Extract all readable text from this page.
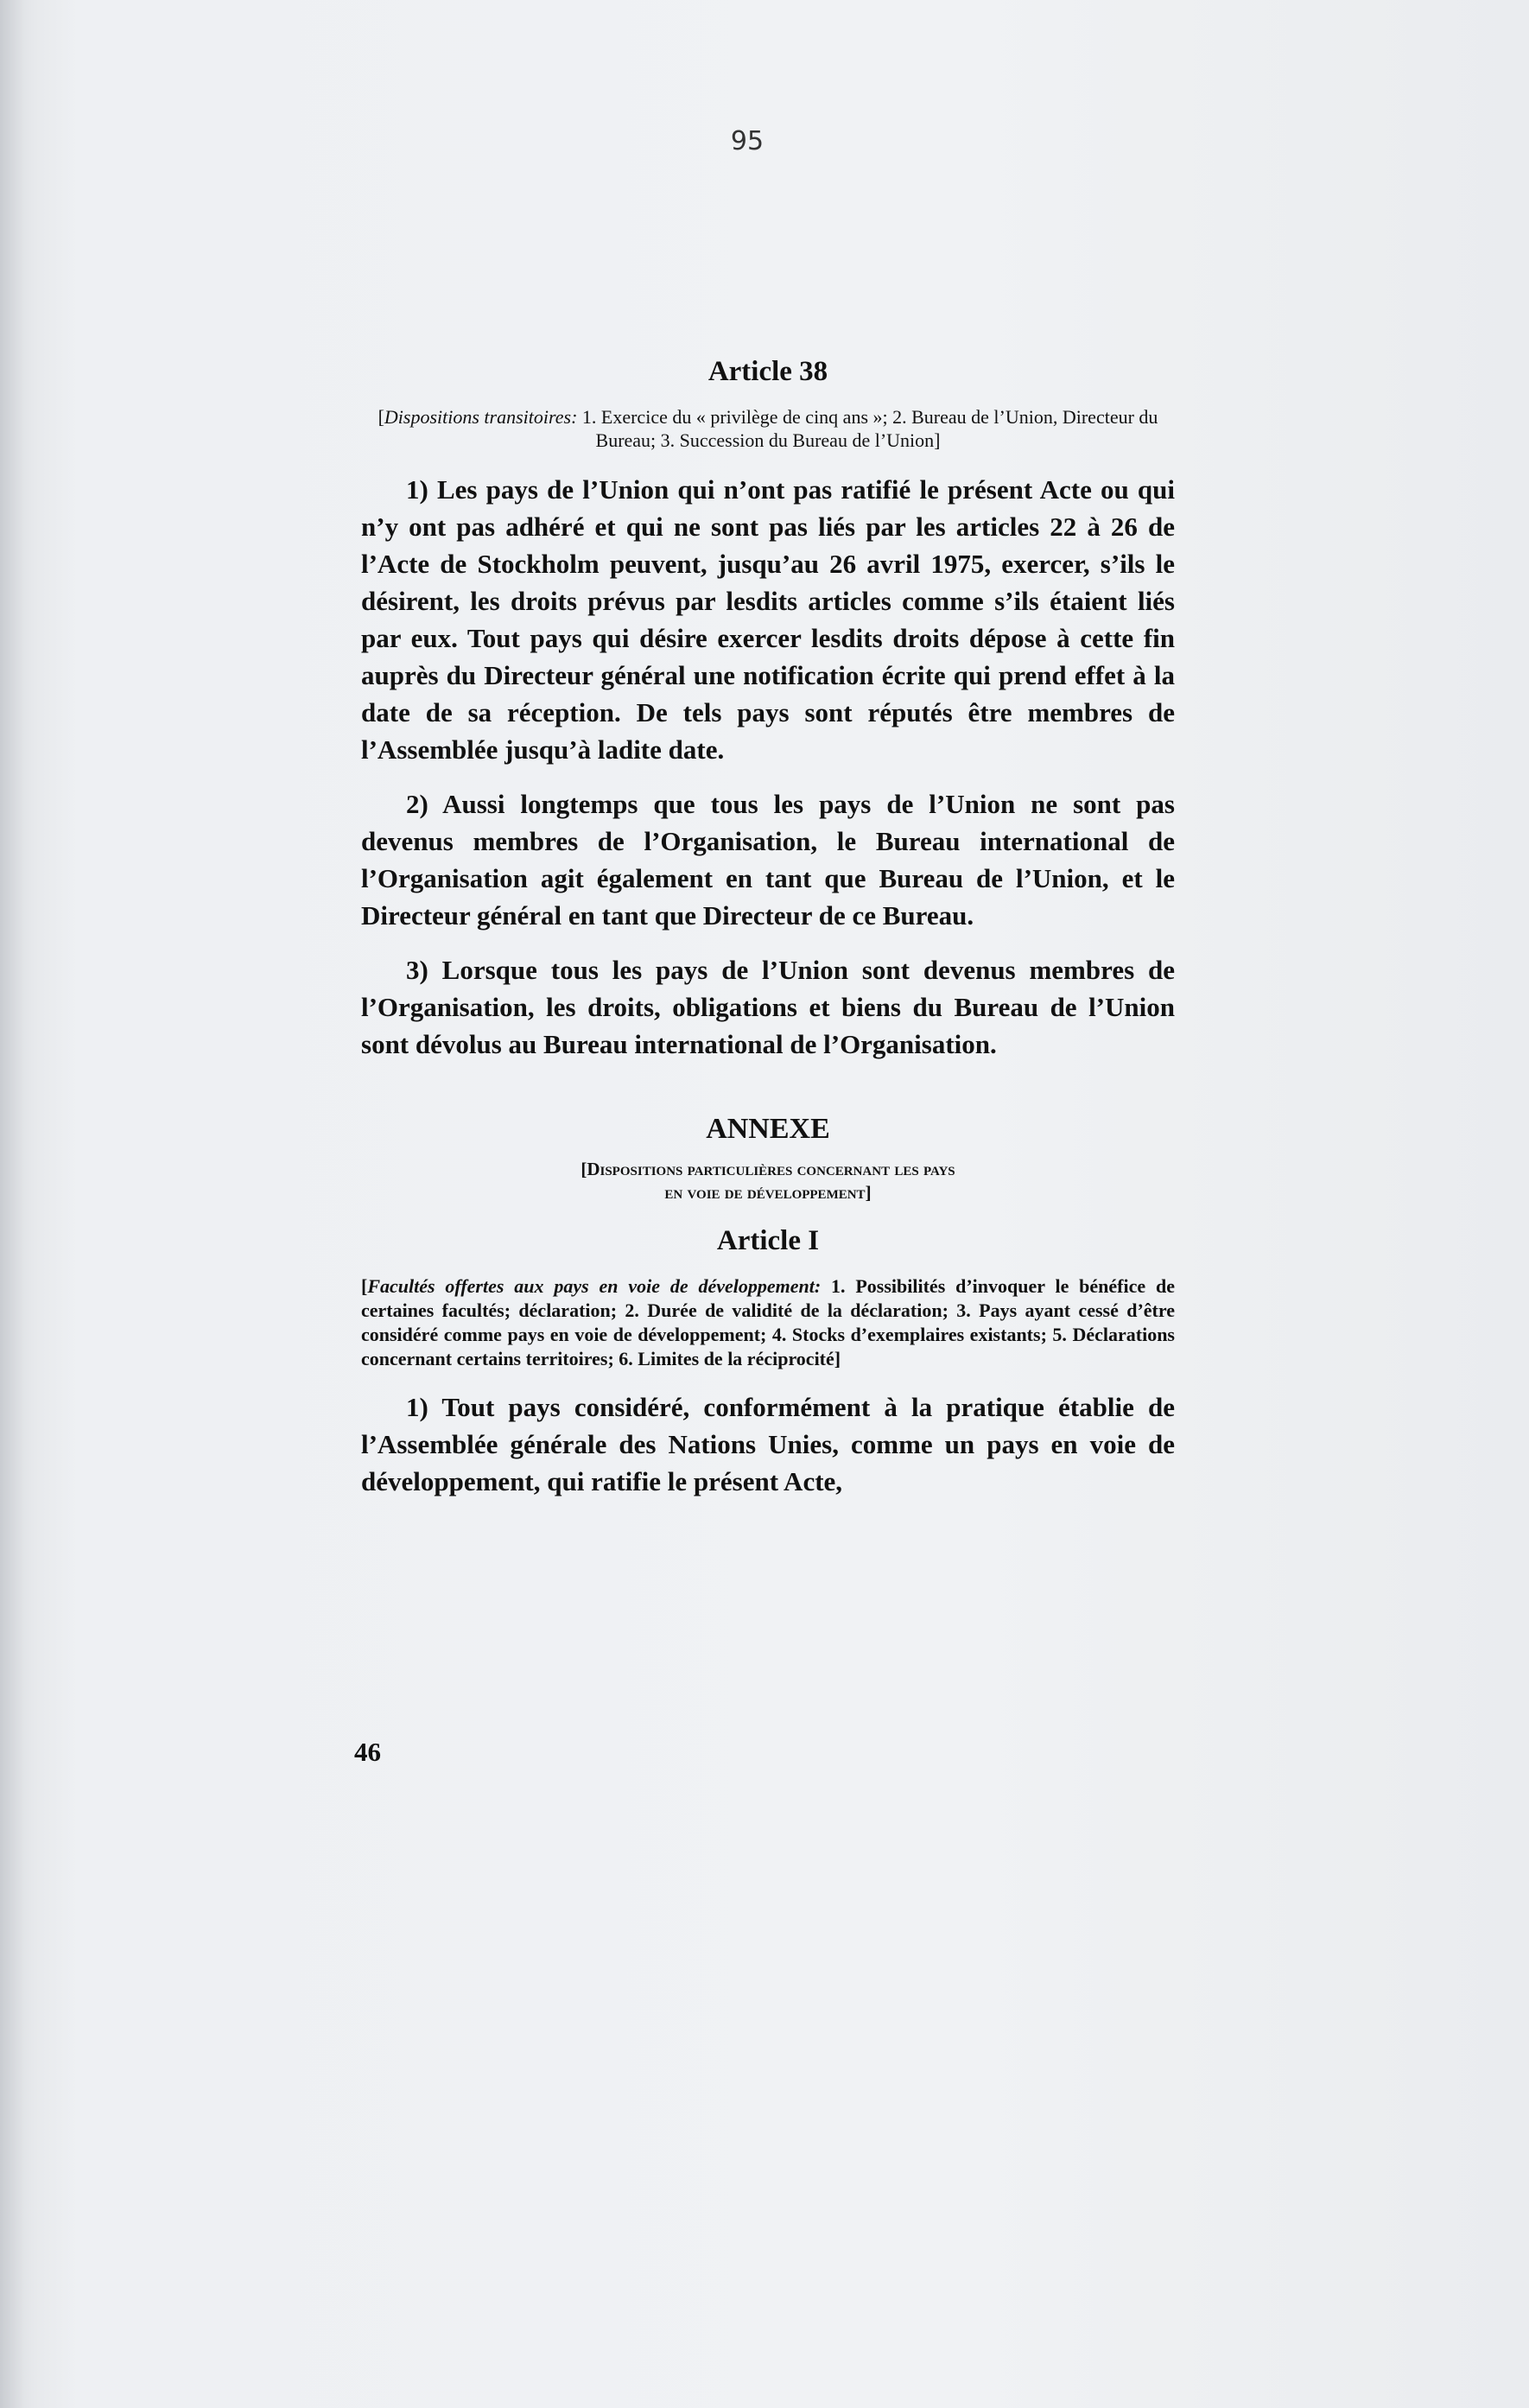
95
Article 38
[Dispositions transitoires: 1. Exercice du « privilège de cinq ans »; 2. Bureau de l’Union, Directeur du Bureau; 3. Succession du Bureau de l’Union]

1) Les pays de l’Union qui n’ont pas ratifié le présent Acte ou qui n’y ont pas adhéré et qui ne sont pas liés par les articles 22 à 26 de l’Acte de Stockholm peuvent, jusqu’au 26 avril 1975, exercer, s’ils le désirent, les droits prévus par lesdits articles comme s’ils étaient liés par eux. Tout pays qui désire exercer lesdits droits dépose à cette fin auprès du Directeur général une notification écrite qui prend effet à la date de sa réception. De tels pays sont réputés être membres de l’Assemblée jusqu’à ladite date.

2) Aussi longtemps que tous les pays de l’Union ne sont pas devenus membres de l’Organisation, le Bureau international de l’Organisation agit également en tant que Bureau de l’Union, et le Directeur général en tant que Directeur de ce Bureau.

3) Lorsque tous les pays de l’Union sont devenus membres de l’Organisation, les droits, obligations et biens du Bureau de l’Union sont dévolus au Bureau international de l’Organisation.

ANNEXE
[Dispositions particulières concernant les pays
en voie de développement]
Article I
[Facultés offertes aux pays en voie de développement: 1. Possibilités d’invoquer le bénéfice de certaines facultés; déclaration; 2. Durée de validité de la déclaration; 3. Pays ayant cessé d’être considéré comme pays en voie de développement; 4. Stocks d’exemplaires existants; 5. Déclarations concernant certains territoires; 6. Limites de la réciprocité]

1) Tout pays considéré, conformément à la pratique établie de l’Assemblée générale des Nations Unies, comme un pays en voie de développement, qui ratifie le présent Acte,

46
